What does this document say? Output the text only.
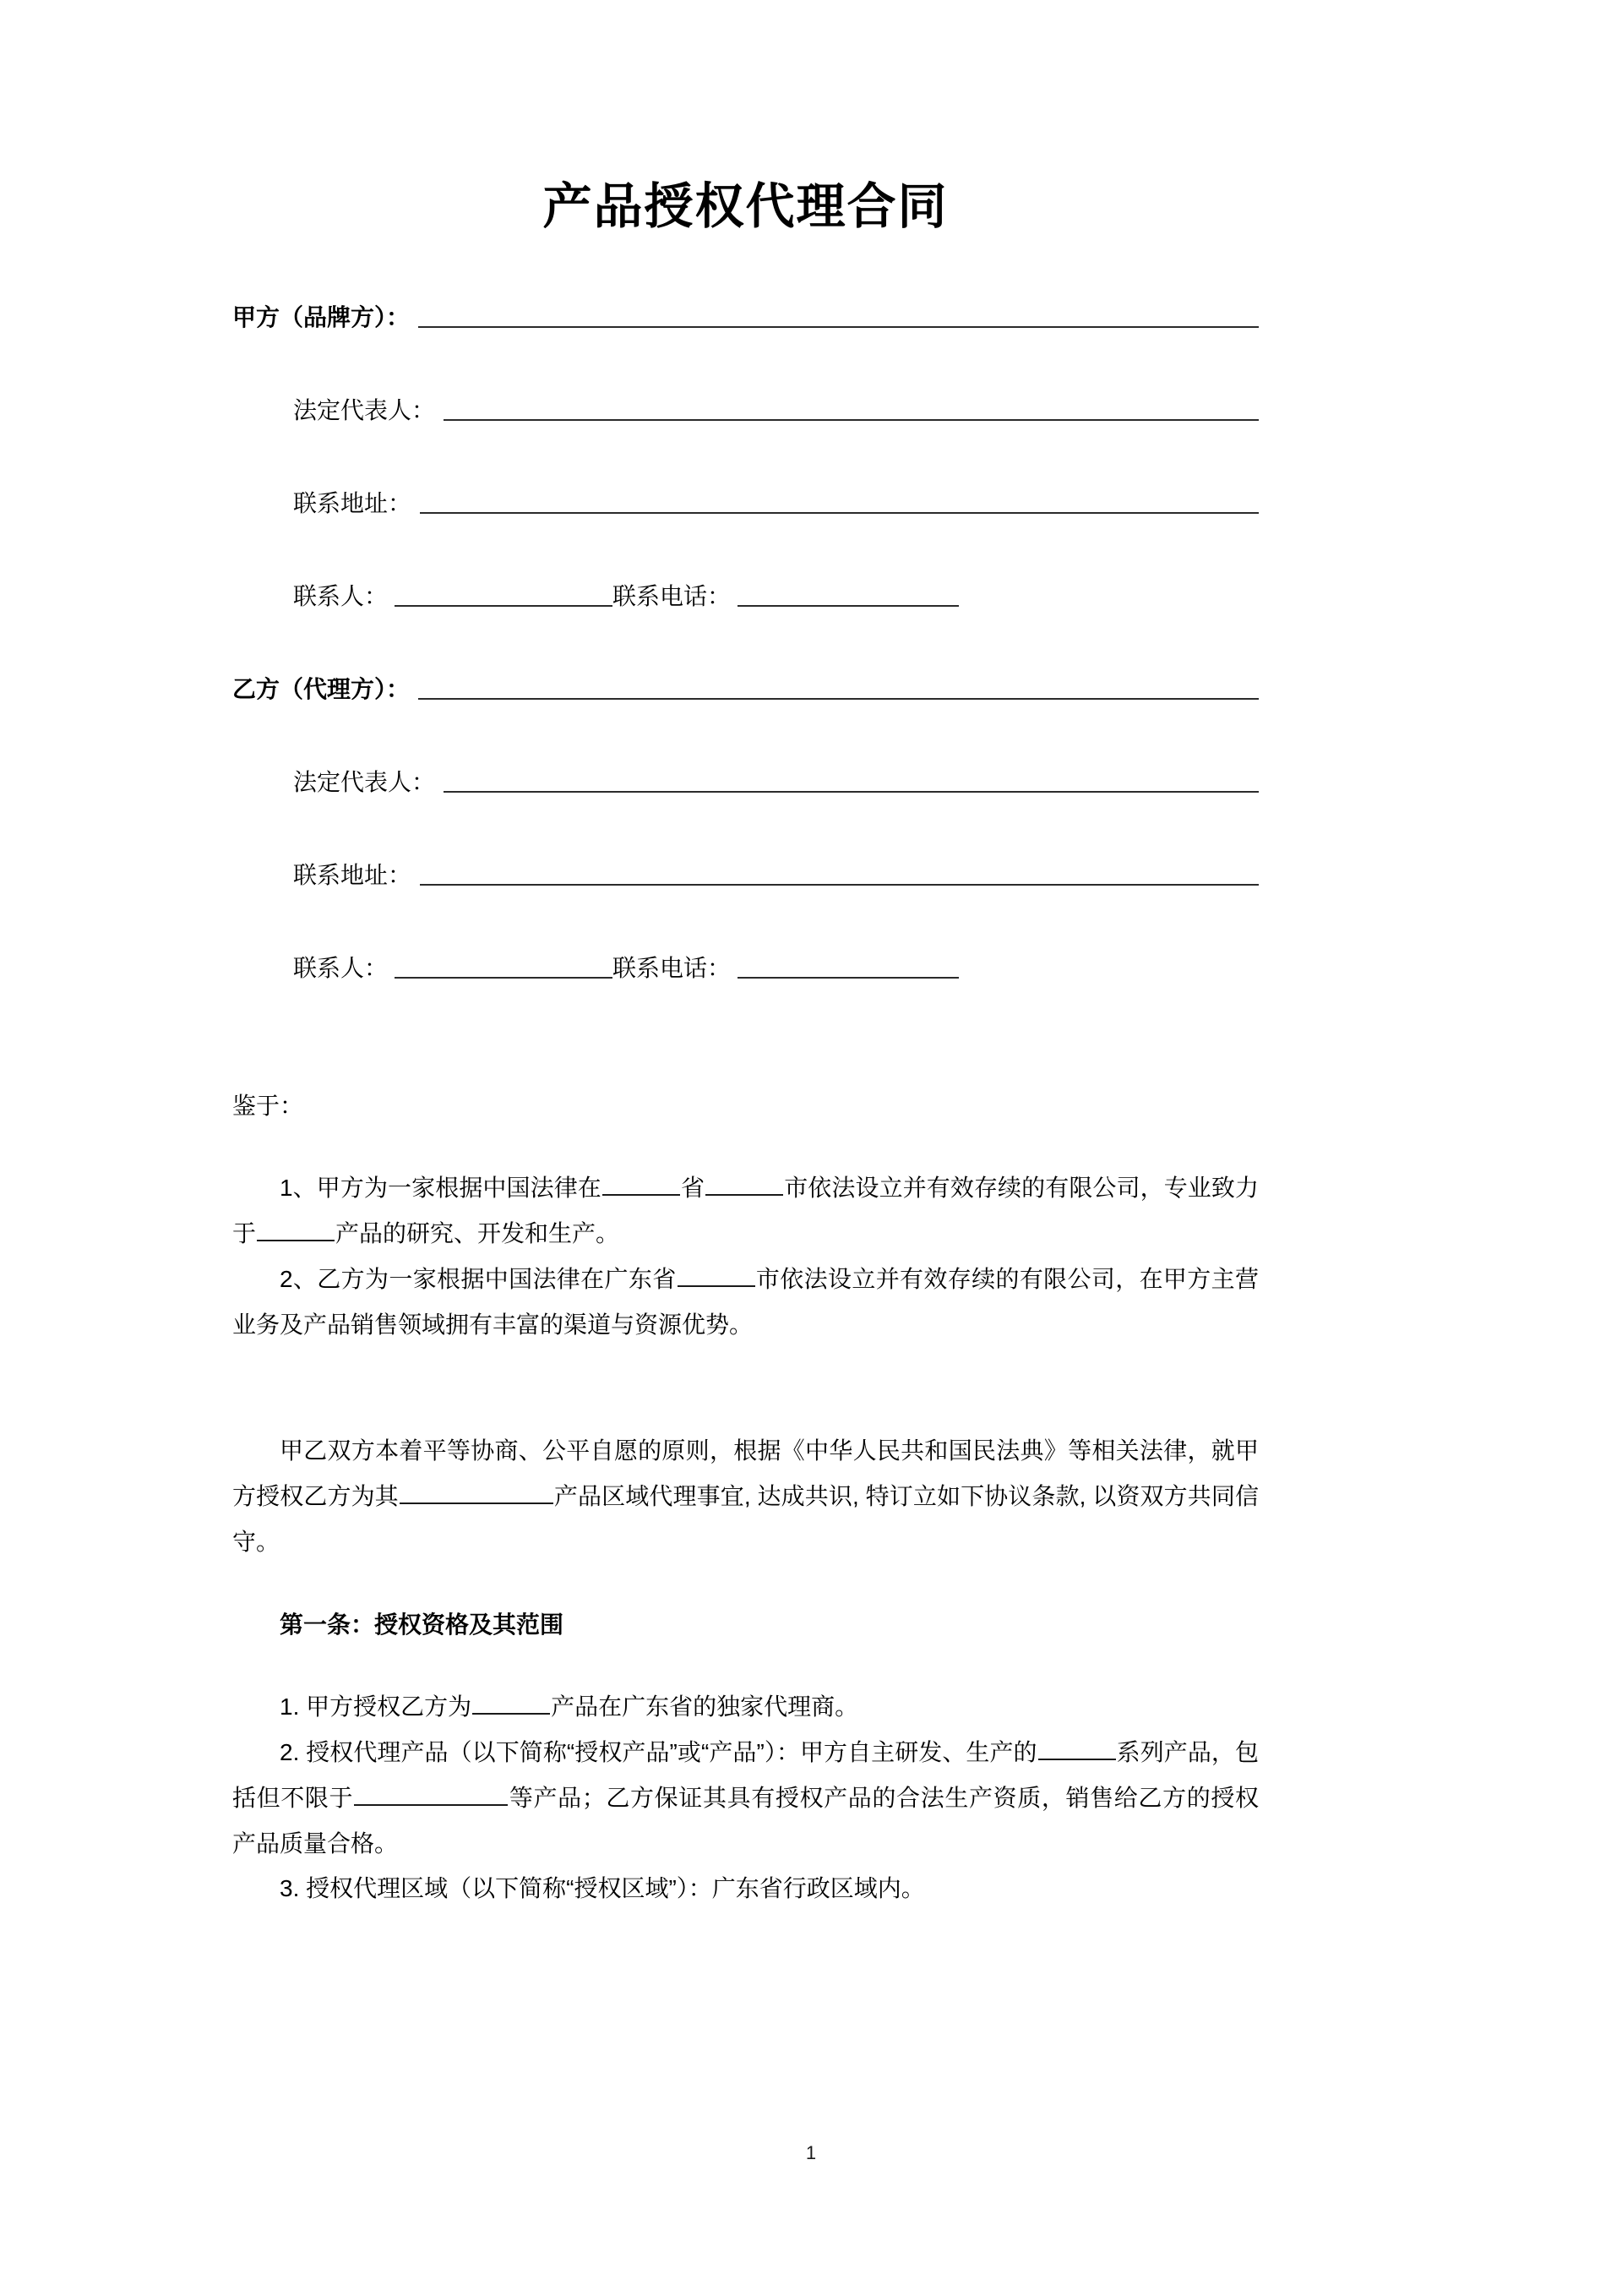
产品授权代理合同
甲方（品牌方）：
法定代表人：
联系地址：
联系人：	联系电话：
乙方（代理方）：
法定代表人：
联系地址：
联系人：	联系电话：

鉴于：

1、甲方为一家根据中国法律在	省	市依法设立并有效存续的有限公司，专业致力于	产品的研究、开发和生产。

2、乙方为一家根据中国法律在广东省	市依法设立并有效存续的有限公司，在甲方主营业务及产品销售领域拥有丰富的渠道与资源优势。

甲乙双方本着平等协商、公平自愿的原则，根据《中华人民共和国民法典》等相关法律，就甲方授权乙方为其	产品区域代理事宜, 达成共识, 特订立如下协议条款, 以资双方共同信守。

第一条：授权资格及其范围

1. 甲方授权乙方为	产品在广东省的独家代理商。

2. 授权代理产品（以下简称“授权产品”或“产品”）：甲方自主研发、生产的	系列产品，包括但不限于	等产品；乙方保证其具有授权产品的合法生产资质，销售给乙方的授权产品质量合格。

3. 授权代理区域（以下简称“授权区域”）：广东省行政区域内。

1
